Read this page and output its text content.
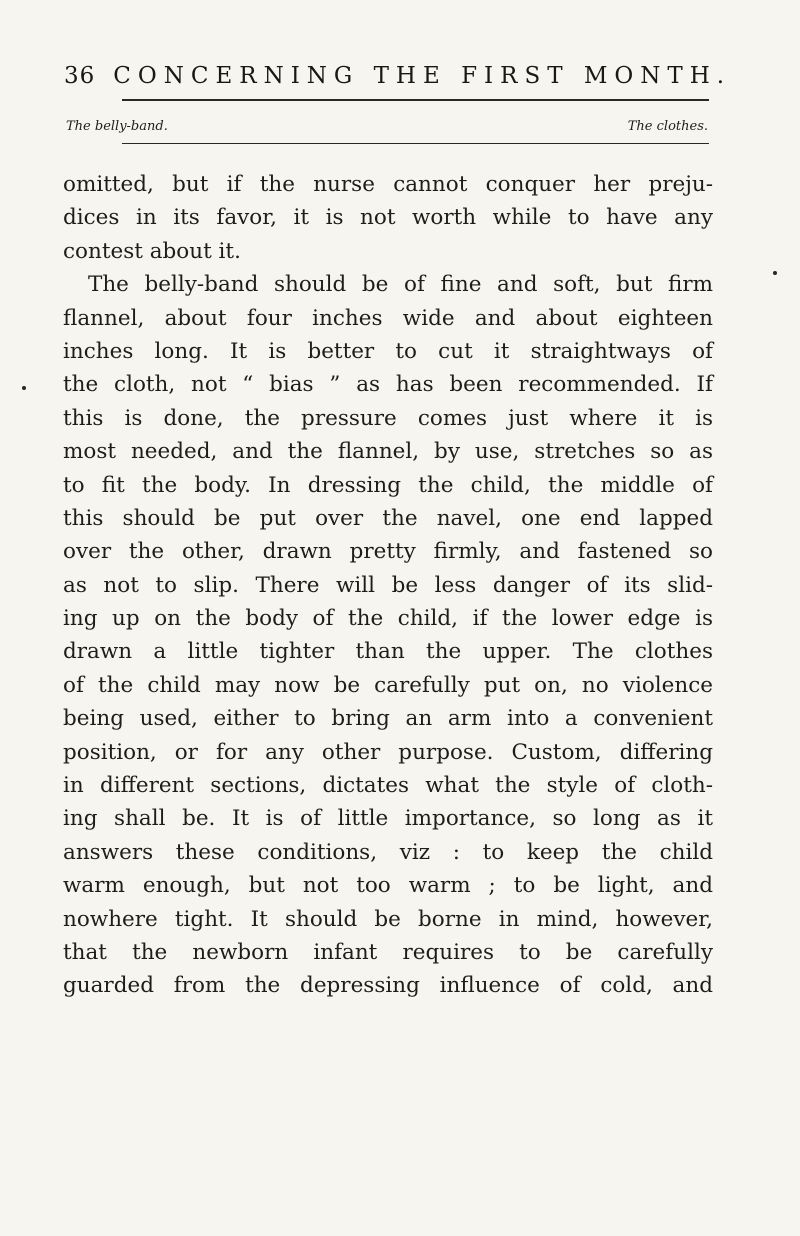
36 CONCERNING THE FIRST MONTH.
The belly-band.	The clothes.
omitted, but if the nurse cannot conquer her preju-
dices in its favor, it is not worth while to have any
contest about it.
The belly-band should be of fine and soft, but firm
flannel, about four inches wide and about eighteen
inches long. It is better to cut it straightways of
the cloth, not “ bias ” as has been recommended. If
this is done, the pressure comes just where it is
most needed, and the flannel, by use, stretches so as
to fit the body. In dressing the child, the middle of
this should be put over the navel, one end lapped
over the other, drawn pretty firmly, and fastened so
as not to slip. There will be less danger of its slid-
ing up on the body of the child, if the lower edge is
drawn a little tighter than the upper. The clothes
of the child may now be carefully put on, no violence
being used, either to bring an arm into a convenient
position, or for any other purpose. Custom, differing
in different sections, dictates what the style of cloth-
ing shall be. It is of little importance, so long as it
answers these conditions, viz : to keep the child
warm enough, but not too warm ; to be light, and
nowhere tight. It should be borne in mind, however,
that the newborn infant requires to be carefully
guarded from the depressing influence of cold, and
